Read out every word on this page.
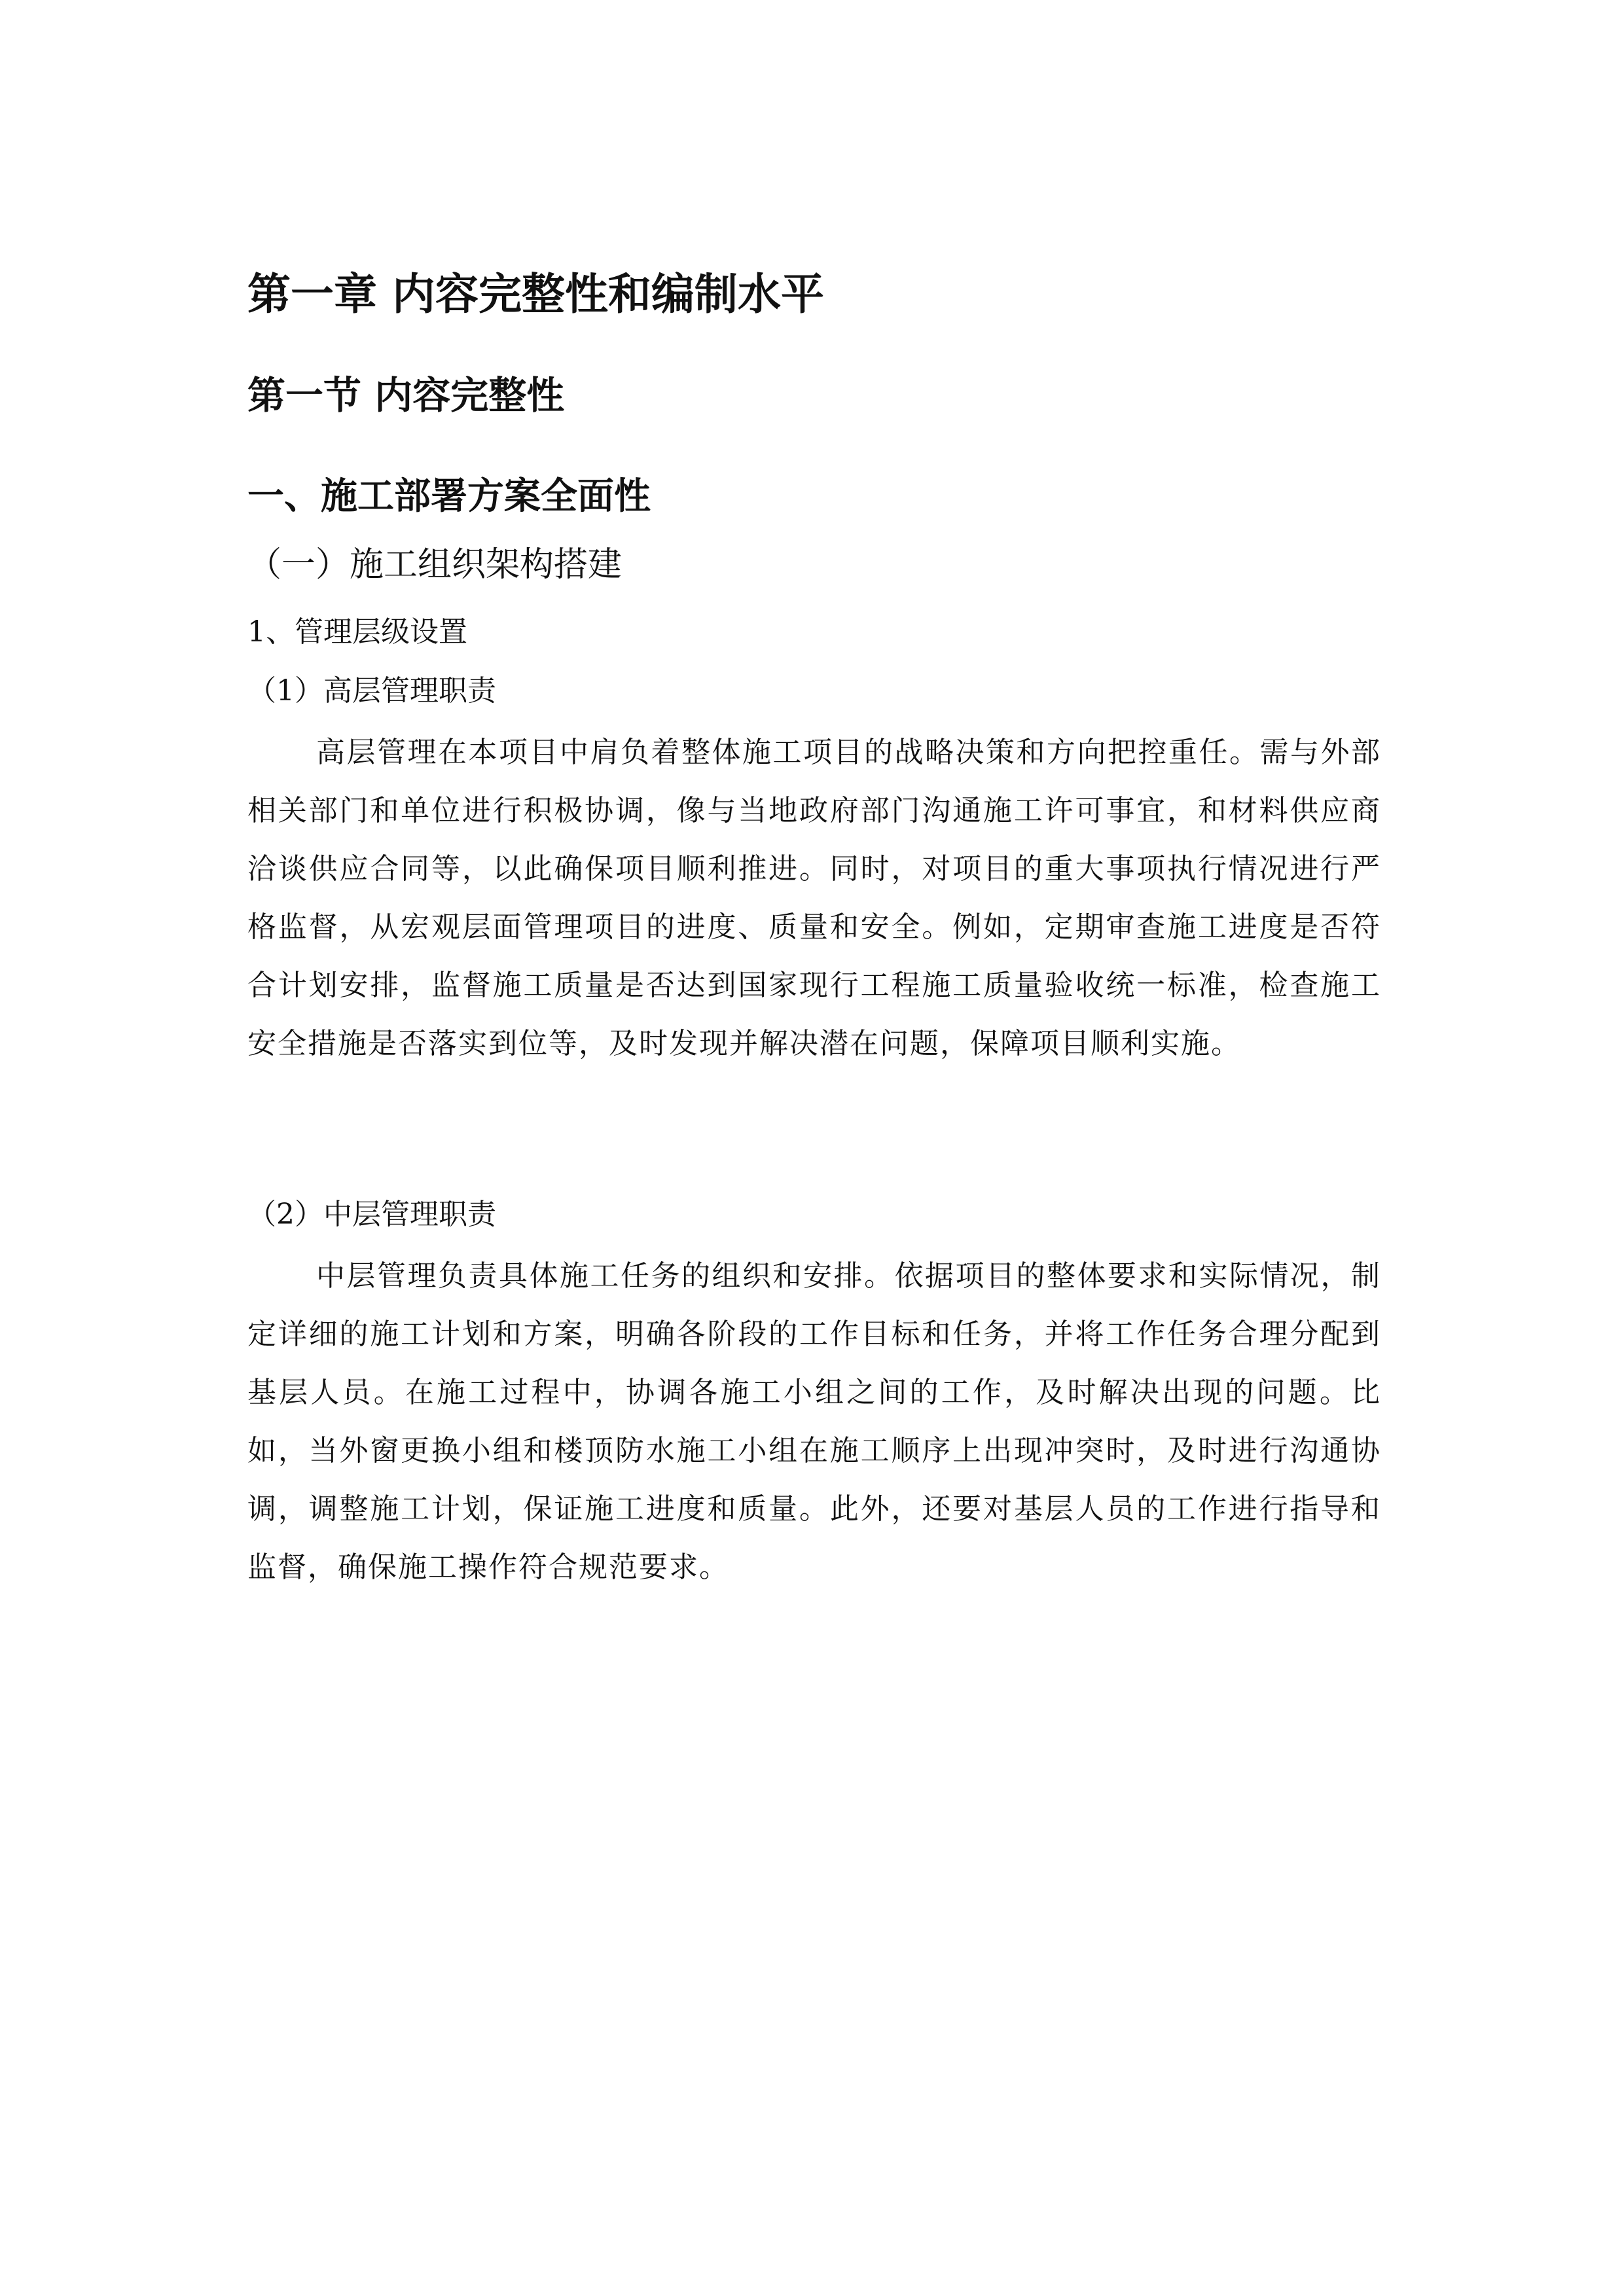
第一章 内容完整性和编制水平
第一节 内容完整性
一、施工部署方案全面性
（一）施工组织架构搭建
1、管理层级设置
（1）高层管理职责

高层管理在本项目中肩负着整体施工项目的战略决策和方向把控重任。需与外部相关部门和单位进行积极协调，像与当地政府部门沟通施工许可事宜，和材料供应商洽谈供应合同等，以此确保项目顺利推进。同时，对项目的重大事项执行情况进行严格监督，从宏观层面管理项目的进度、质量和安全。例如，定期审查施工进度是否符合计划安排，监督施工质量是否达到国家现行工程施工质量验收统一标准，检查施工安全措施是否落实到位等，及时发现并解决潜在问题，保障项目顺利实施。

（2）中层管理职责

中层管理负责具体施工任务的组织和安排。依据项目的整体要求和实际情况，制定详细的施工计划和方案，明确各阶段的工作目标和任务，并将工作任务合理分配到基层人员。在施工过程中，协调各施工小组之间的工作，及时解决出现的问题。比如，当外窗更换小组和楼顶防水施工小组在施工顺序上出现冲突时，及时进行沟通协调，调整施工计划，保证施工进度和质量。此外，还要对基层人员的工作进行指导和监督，确保施工操作符合规范要求。
